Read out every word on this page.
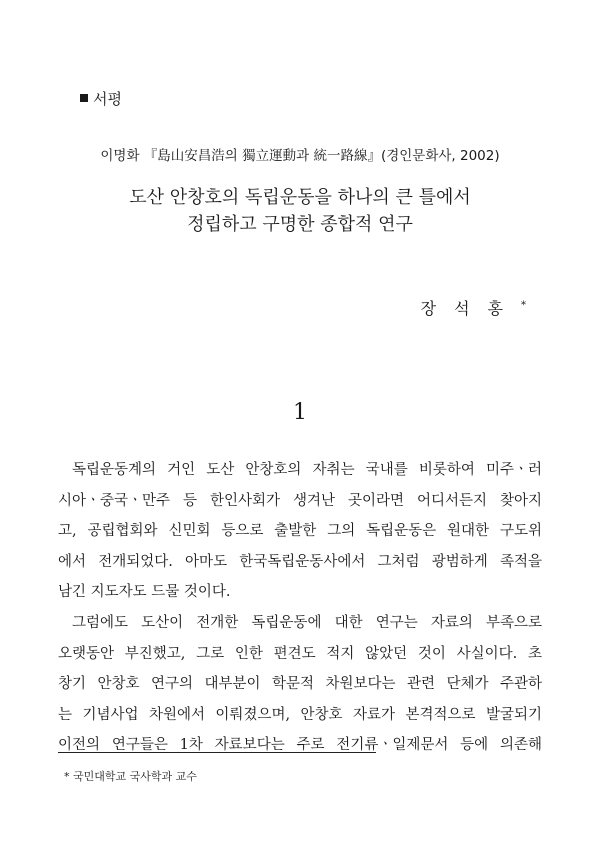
서평
이명화 『島山安昌浩의 獨立運動과 統一路線』(경인문화사, 2002)
도산 안창호의 독립운동을 하나의 큰 틀에서
정립하고 구명한 종합적 연구
장석홍*
1
독립운동계의 거인 도산 안창호의 자취는 국내를 비롯하여 미주ㆍ러
시아ㆍ중국ㆍ만주 등 한인사회가 생겨난 곳이라면 어디서든지 찾아지
고, 공립협회와 신민회 등으로 출발한 그의 독립운동은 원대한 구도위
에서 전개되었다. 아마도 한국독립운동사에서 그처럼 광범하게 족적을
남긴 지도자도 드물 것이다.
그럼에도 도산이 전개한 독립운동에 대한 연구는 자료의 부족으로
오랫동안 부진했고, 그로 인한 편견도 적지 않았던 것이 사실이다. 초
창기 안창호 연구의 대부분이 학문적 차원보다는 관련 단체가 주관하
는 기념사업 차원에서 이뤄졌으며, 안창호 자료가 본격적으로 발굴되기
이전의 연구들은 1차 자료보다는 주로 전기류ㆍ일제문서 등에 의존해
* 국민대학교 국사학과 교수
